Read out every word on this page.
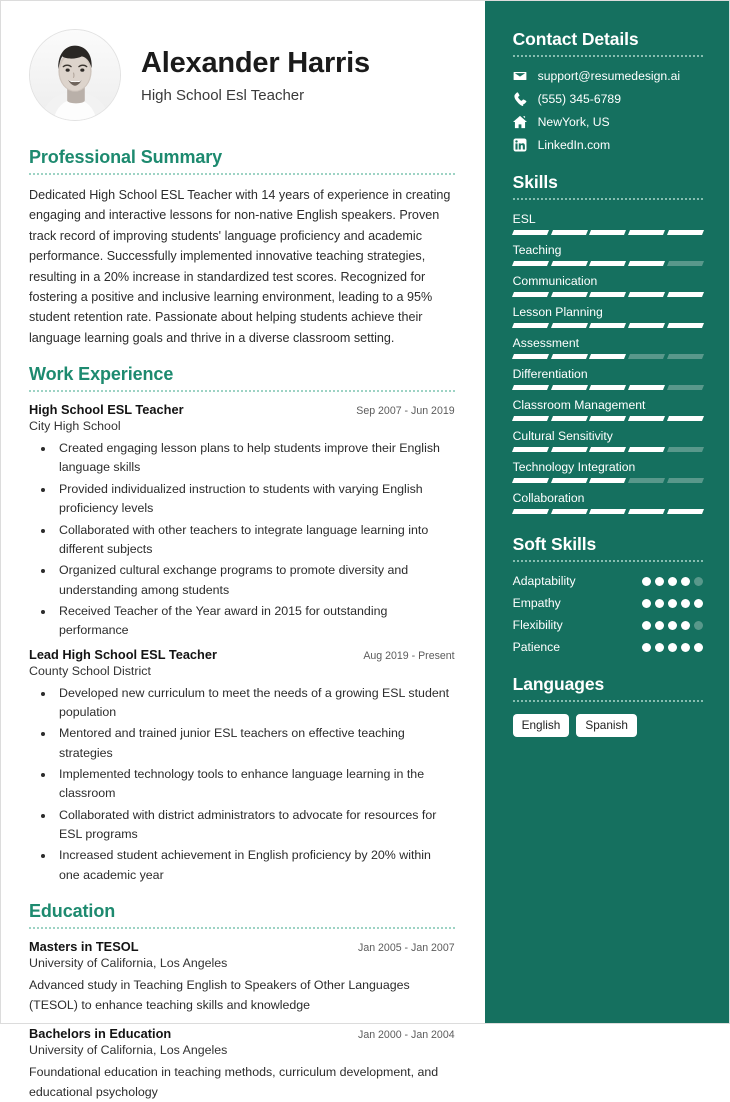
Alexander Harris
High School Esl Teacher
Professional Summary
Dedicated High School ESL Teacher with 14 years of experience in creating engaging and interactive lessons for non-native English speakers. Proven track record of improving students' language proficiency and academic performance. Successfully implemented innovative teaching strategies, resulting in a 20% increase in standardized test scores. Recognized for fostering a positive and inclusive learning environment, leading to a 95% student retention rate. Passionate about helping students achieve their language learning goals and thrive in a diverse classroom setting.
Work Experience
High School ESL Teacher	Sep 2007 - Jun 2019
City High School
• Created engaging lesson plans to help students improve their English language skills
• Provided individualized instruction to students with varying English proficiency levels
• Collaborated with other teachers to integrate language learning into different subjects
• Organized cultural exchange programs to promote diversity and understanding among students
• Received Teacher of the Year award in 2015 for outstanding performance
Lead High School ESL Teacher	Aug 2019 - Present
County School District
• Developed new curriculum to meet the needs of a growing ESL student population
• Mentored and trained junior ESL teachers on effective teaching strategies
• Implemented technology tools to enhance language learning in the classroom
• Collaborated with district administrators to advocate for resources for ESL programs
• Increased student achievement in English proficiency by 20% within one academic year
Education
Masters in TESOL	Jan 2005 - Jan 2007
University of California, Los Angeles
Advanced study in Teaching English to Speakers of Other Languages (TESOL) to enhance teaching skills and knowledge
Bachelors in Education	Jan 2000 - Jan 2004
University of California, Los Angeles
Foundational education in teaching methods, curriculum development, and educational psychology
Contact Details
support@resumedesign.ai
(555) 345-6789
NewYork, US
LinkedIn.com
Skills
ESL
Teaching
Communication
Lesson Planning
Assessment
Differentiation
Classroom Management
Cultural Sensitivity
Technology Integration
Collaboration
Soft Skills
Adaptability
Empathy
Flexibility
Patience
Languages
English	Spanish
